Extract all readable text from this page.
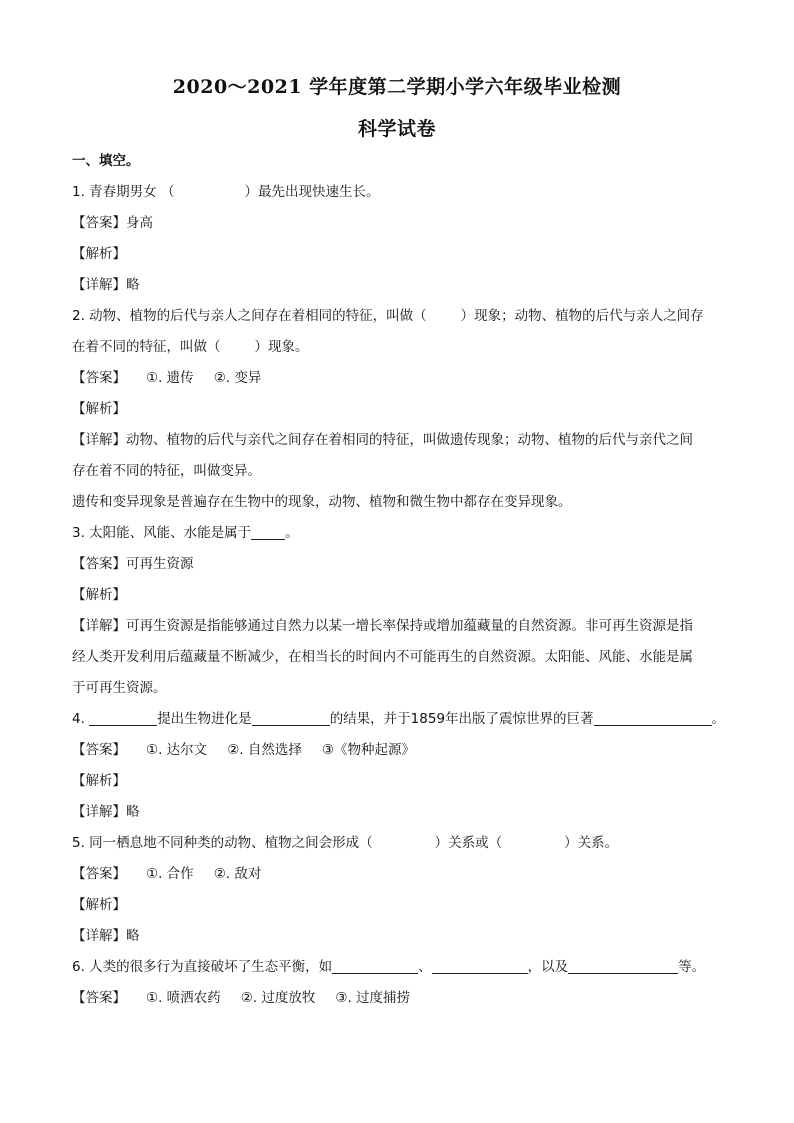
2020～2021 学年度第二学期小学六年级毕业检测
科学试卷
一、填空。
1. 青春期男女 （	）最先出现快速生长。
【答案】身高
【解析】
【详解】略
2. 动物、植物的后代与亲人之间存在着相同的特征，叫做（	）现象；动物、植物的后代与亲人之间存
在着不同的特征，叫做（	）现象。
【答案】 ①. 遗传 ②. 变异
【解析】
【详解】动物、植物的后代与亲代之间存在着相同的特征，叫做遗传现象；动物、植物的后代与亲代之间
存在着不同的特征，叫做变异。
遗传和变异现象是普遍存在生物中的现象，动物、植物和微生物中都存在变异现象。
3. 太阳能、风能、水能是属于	。
【答案】可再生资源
【解析】
【详解】可再生资源是指能够通过自然力以某一增长率保持或增加蕴藏量的自然资源。非可再生资源是指
经人类开发利用后蕴藏量不断减少，在相当长的时间内不可能再生的自然资源。太阳能、风能、水能是属
于可再生资源。
4.	提出生物进化是	的结果，并于1859年出版了震惊世界的巨著	。
【答案】 ①. 达尔文 ②. 自然选择 ③《物种起源》
【解析】
【详解】略
5. 同一栖息地不同种类的动物、植物之间会形成（	）关系或（	）关系。
【答案】 ①. 合作 ②. 敌对
【解析】
【详解】略
6. 人类的很多行为直接破坏了生态平衡，如	、	，以及	等。
【答案】 ①. 喷洒农药 ②. 过度放牧 ③. 过度捕捞
